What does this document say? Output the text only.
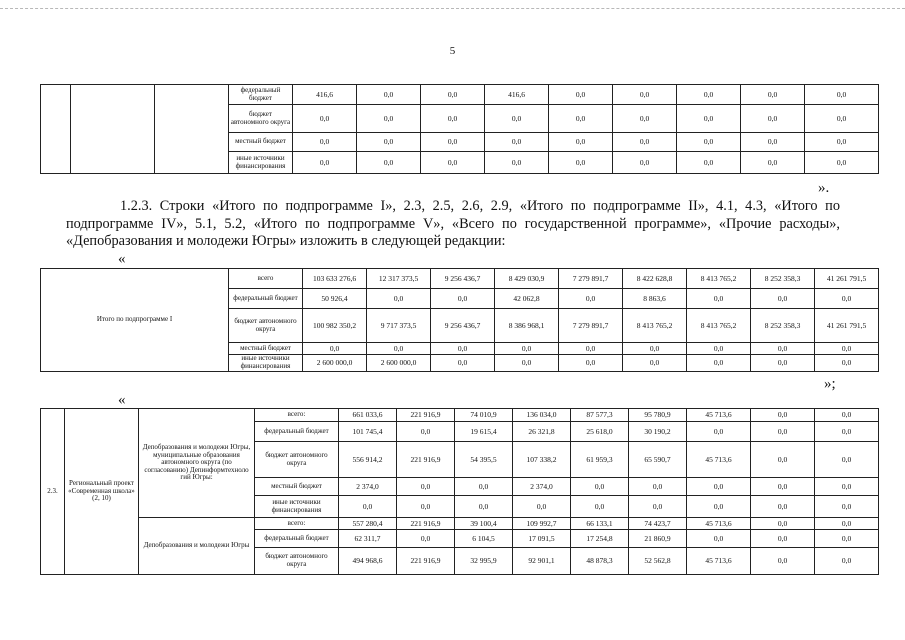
5
			федеральный бюджет	416,6	0,0	0,0	416,6	0,0	0,0	0,0	0,0	0,0
			бюджет автономного округа	0,0	0,0	0,0	0,0	0,0	0,0	0,0	0,0	0,0
			местный бюджет	0,0	0,0	0,0	0,0	0,0	0,0	0,0	0,0	0,0
			иные источники финансирования	0,0	0,0	0,0	0,0	0,0	0,0	0,0	0,0	0,0
».
1.2.3. Строки «Итого по подпрограмме I», 2.3, 2.5, 2.6, 2.9, «Итого по подпрограмме II», 4.1, 4.3, «Итого по подпрограмме IV», 5.1, 5.2, «Итого по подпрограмме V», «Всего по государственной программе», «Прочие расходы», «Депобразования и молодежи Югры» изложить в следующей редакции:
«
Итого по подпрограмме I	всего	103 633 276,6	12 317 373,5	9 256 436,7	8 429 030,9	7 279 891,7	8 422 628,8	8 413 765,2	8 252 358,3	41 261 791,5
	федеральный бюджет	50 926,4	0,0	0,0	42 062,8	0,0	8 863,6	0,0	0,0	0,0
	бюджет автономного округа	100 982 350,2	9 717 373,5	9 256 436,7	8 386 968,1	7 279 891,7	8 413 765,2	8 413 765,2	8 252 358,3	41 261 791,5
	местный бюджет	0,0	0,0	0,0	0,0	0,0	0,0	0,0	0,0	0,0
	иные источники финансирования	2 600 000,0	2 600 000,0	0,0	0,0	0,0	0,0	0,0	0,0	0,0
»;
«
2.3.	Региональный проект «Современная школа» (2, 10)	Депобразования и молодежи Югры, муниципальные образования автономного округа (по согласованию) Депинформтехноло гий Югры:	всего:	661 033,6	221 916,9	74 010,9	136 034,0	87 577,3	95 780,9	45 713,6	0,0	0,0
			федеральный бюджет	101 745,4	0,0	19 615,4	26 321,8	25 618,0	30 190,2	0,0	0,0	0,0
			бюджет автономного округа	556 914,2	221 916,9	54 395,5	107 338,2	61 959,3	65 590,7	45 713,6	0,0	0,0
			местный бюджет	2 374,0	0,0	0,0	2 374,0	0,0	0,0	0,0	0,0	0,0
			иные источники финансирования	0,0	0,0	0,0	0,0	0,0	0,0	0,0	0,0	0,0
		Депобразования и молодежи Югры	всего:	557 280,4	221 916,9	39 100,4	109 992,7	66 133,1	74 423,7	45 713,6	0,0	0,0
			федеральный бюджет	62 311,7	0,0	6 104,5	17 091,5	17 254,8	21 860,9	0,0	0,0	0,0
			бюджет автономного округа	494 968,6	221 916,9	32 995,9	92 901,1	48 878,3	52 562,8	45 713,6	0,0	0,0
